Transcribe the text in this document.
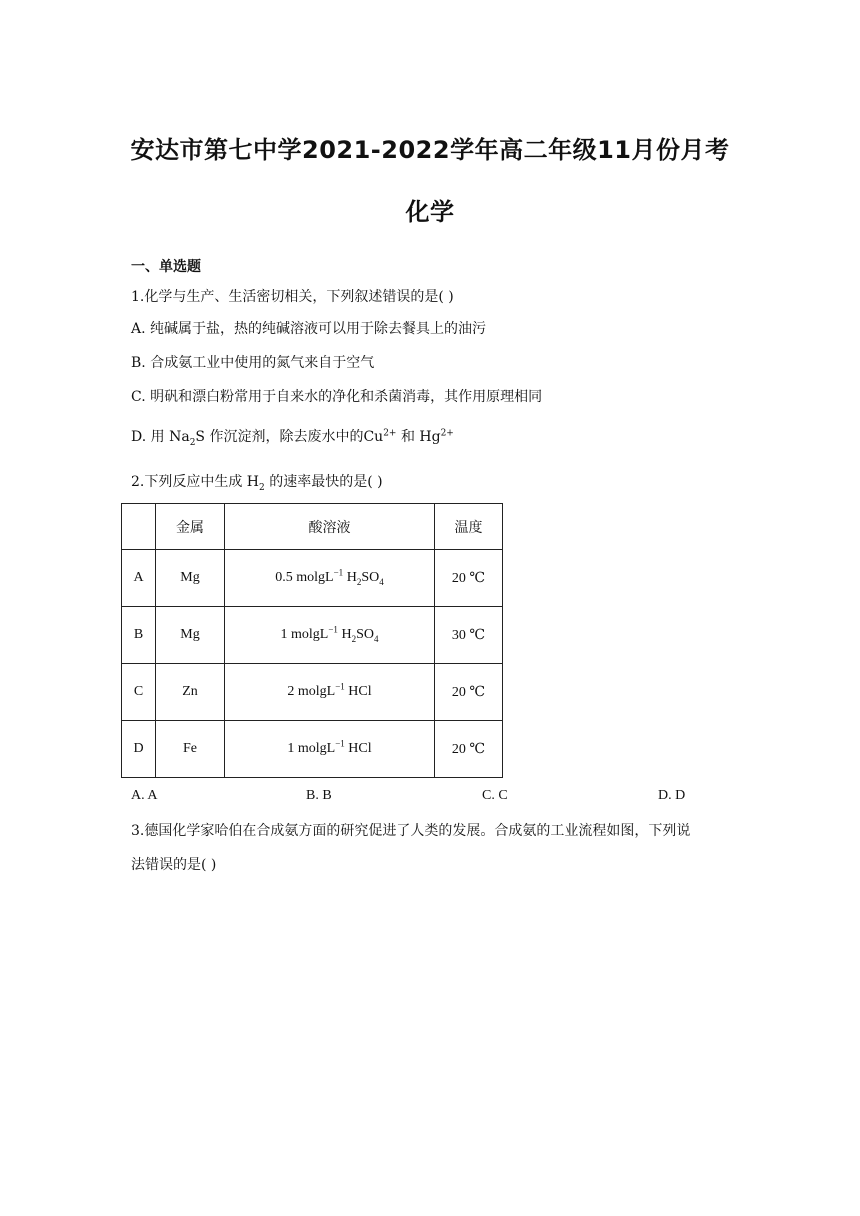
安达市第七中学2021-2022学年高二年级11月份月考
化学
一、单选题
1.化学与生产、生活密切相关，下列叙述错误的是( )
A. 纯碱属于盐，热的纯碱溶液可以用于除去餐具上的油污
B. 合成氨工业中使用的氮气来自于空气
C. 明矾和漂白粉常用于自来水的净化和杀菌消毒，其作用原理相同
D. 用 $Na_2S$ 作沉淀剂，除去废水中的$Cu^{2+}$ 和 $Hg^{2+}$
2.下列反应中生成 $H_2$ 的速率最快的是( )
	金属	酸溶液	温度
A	Mg	0.5 molgL$^{-1}$ $H_2SO_4$	20 ℃
B	Mg	1 molgL$^{-1}$ $H_2SO_4$	30 ℃
C	Zn	2 molgL$^{-1}$ HCl	20 ℃
D	Fe	1 molgL$^{-1}$ HCl	20 ℃
A. A	B. B	C. C	D. D
3.德国化学家哈伯在合成氨方面的研究促进了人类的发展。合成氨的工业流程如图，下列说
法错误的是( )
